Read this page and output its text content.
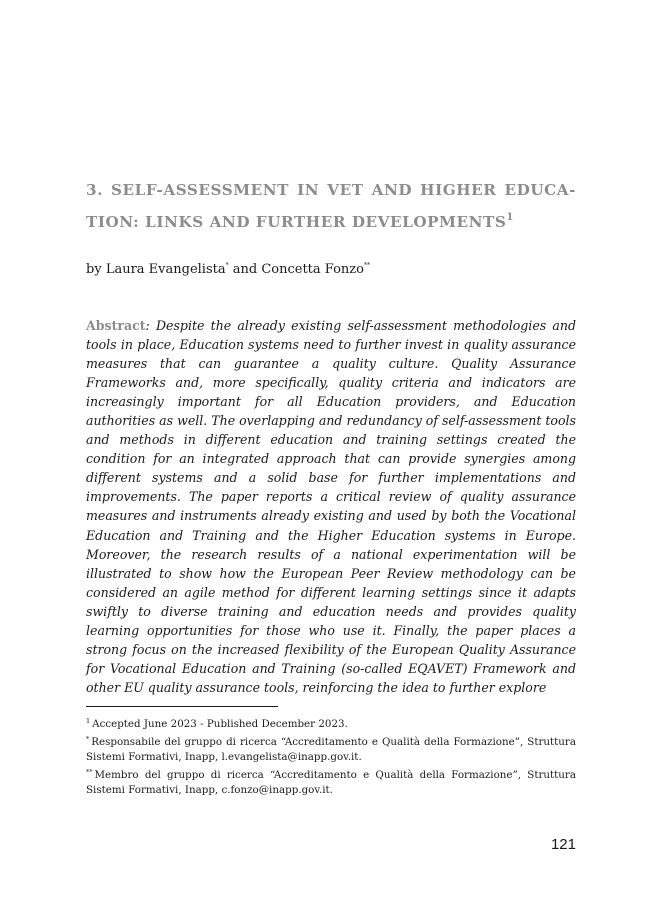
3. SELF-ASSESSMENT IN VET AND HIGHER EDUCA-
TION: LINKS AND FURTHER DEVELOPMENTS$^1$

by Laura Evangelista* and Concetta Fonzo**

Abstract: Despite the already existing self-assessment methodologies and tools in place, Education systems need to further invest in quality assurance measures that can guarantee a quality culture. Quality Assurance Frameworks and, more specifically, quality criteria and indicators are increasingly important for all Education providers, and Education authorities as well. The overlapping and redundancy of self-assessment tools and methods in different education and training settings created the condition for an integrated approach that can provide synergies among different systems and a solid base for further implementations and improvements. The paper reports a critical review of quality assurance measures and instruments already existing and used by both the Vocational Education and Training and the Higher Education systems in Europe. Moreover, the research results of a national experimentation will be illustrated to show how the European Peer Review methodology can be considered an agile method for different learning settings since it adapts swiftly to diverse training and education needs and provides quality learning opportunities for those who use it. Finally, the paper places a strong focus on the increased flexibility of the European Quality Assurance for Vocational Education and Training (so-called EQAVET) Framework and other EU quality assurance tools, reinforcing the idea to further explore

$^1$ Accepted June 2023 - Published December 2023.

* Responsabile del gruppo di ricerca “Accreditamento e Qualità della Formazione”, Struttura Sistemi Formativi, Inapp, l.evangelista@inapp.gov.it.

** Membro del gruppo di ricerca “Accreditamento e Qualità della Formazione”, Struttura Sistemi Formativi, Inapp, c.fonzo@inapp.gov.it.

121
